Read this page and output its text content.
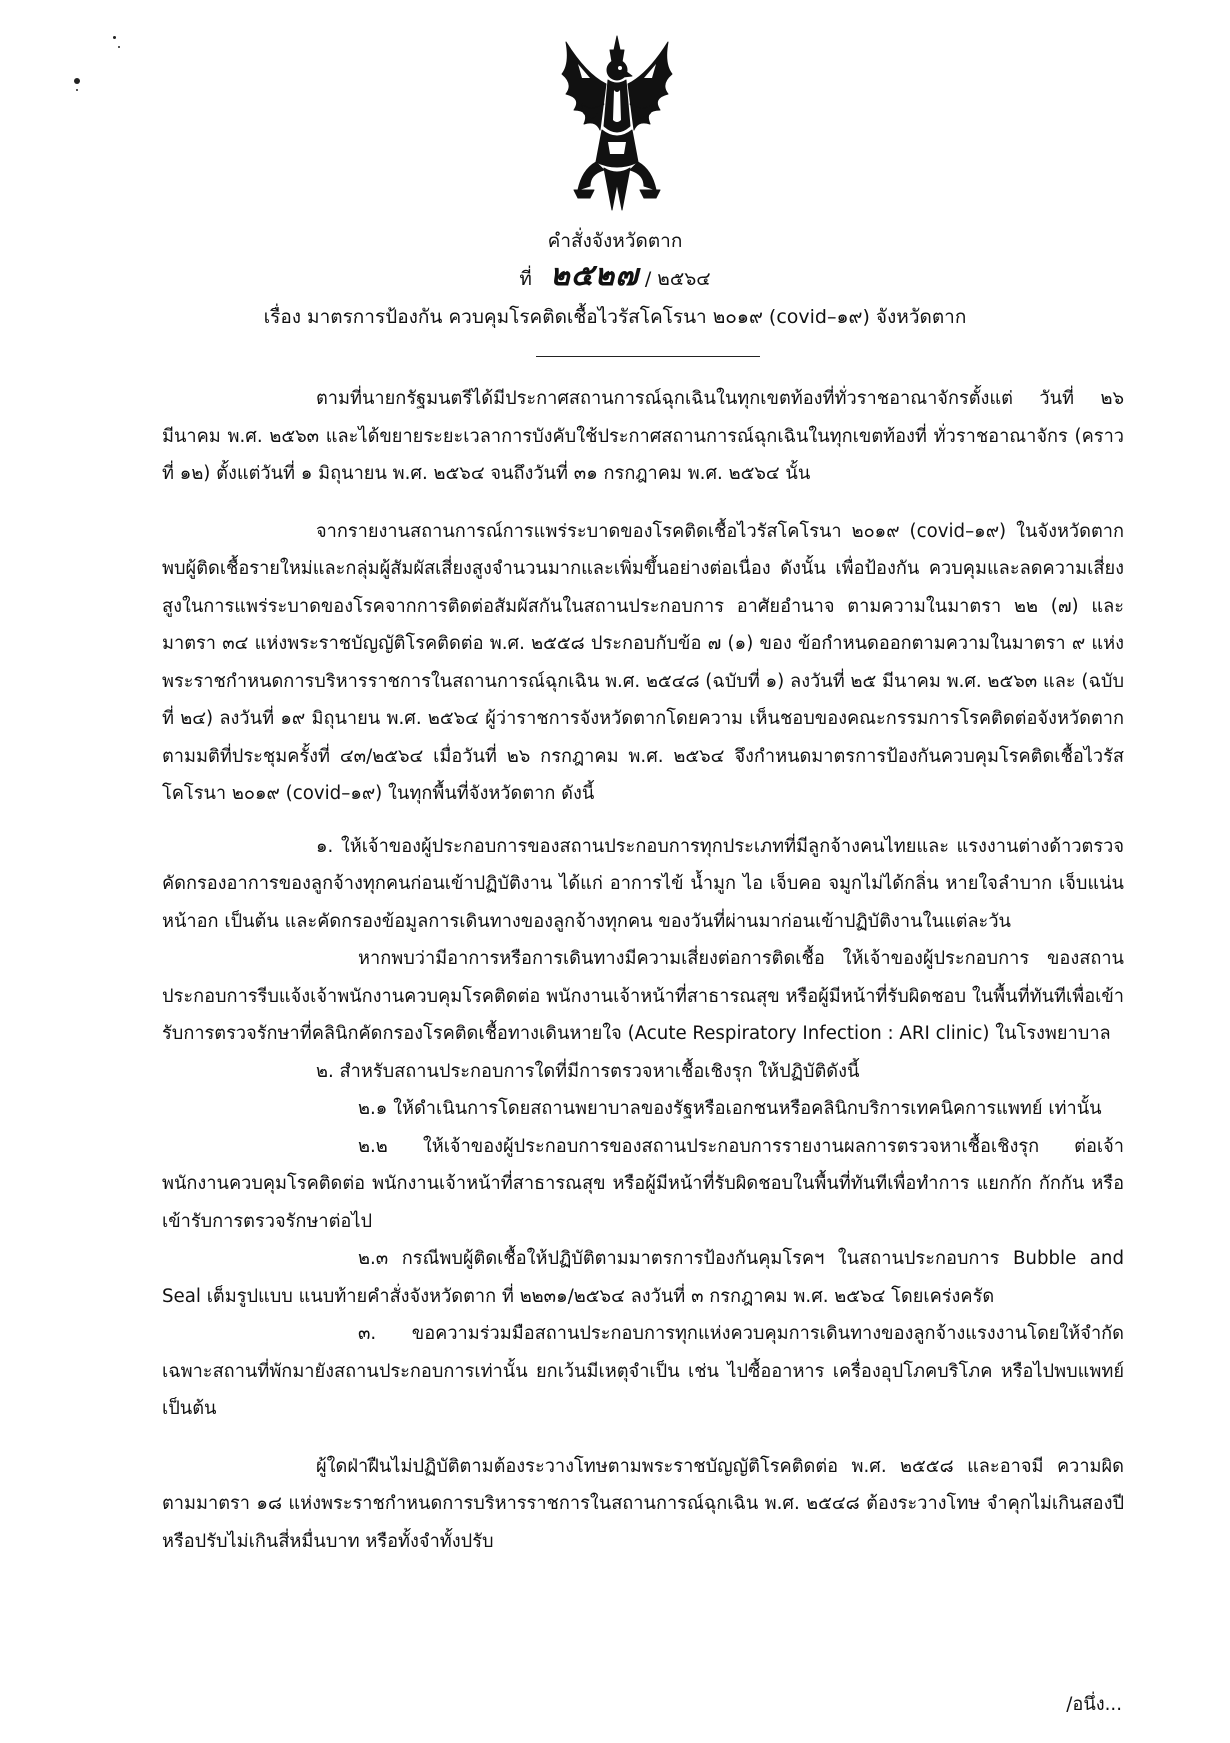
คำสั่งจังหวัดตาก
ที่ ๒๕๒๗ / ๒๕๖๔
เรื่อง มาตรการป้องกัน ควบคุมโรคติดเชื้อไวรัสโคโรนา ๒๐๑๙ (covid–๑๙) จังหวัดตาก

ตามที่นายกรัฐมนตรีได้มีประกาศสถานการณ์ฉุกเฉินในทุกเขตท้องที่ทั่วราชอาณาจักรตั้งแต่ วันที่ ๒๖ มีนาคม พ.ศ. ๒๕๖๓ และได้ขยายระยะเวลาการบังคับใช้ประกาศสถานการณ์ฉุกเฉินในทุกเขตท้องที่ ทั่วราชอาณาจักร (คราวที่ ๑๒) ตั้งแต่วันที่ ๑ มิถุนายน พ.ศ. ๒๕๖๔ จนถึงวันที่ ๓๑ กรกฎาคม พ.ศ. ๒๕๖๔ นั้น

จากรายงานสถานการณ์การแพร่ระบาดของโรคติดเชื้อไวรัสโคโรนา ๒๐๑๙ (covid–๑๙) ในจังหวัดตาก พบผู้ติดเชื้อรายใหม่และกลุ่มผู้สัมผัสเสี่ยงสูงจำนวนมากและเพิ่มขึ้นอย่างต่อเนื่อง ดังนั้น เพื่อป้องกัน ควบคุมและลดความเสี่ยงสูงในการแพร่ระบาดของโรคจากการติดต่อสัมผัสกันในสถานประกอบการ อาศัยอำนาจ ตามความในมาตรา ๒๒ (๗) และมาตรา ๓๔ แห่งพระราชบัญญัติโรคติดต่อ พ.ศ. ๒๕๕๘ ประกอบกับข้อ ๗ (๑) ของ ข้อกำหนดออกตามความในมาตรา ๙ แห่งพระราชกำหนดการบริหารราชการในสถานการณ์ฉุกเฉิน พ.ศ. ๒๕๔๘ (ฉบับที่ ๑) ลงวันที่ ๒๕ มีนาคม พ.ศ. ๒๕๖๓ และ (ฉบับที่ ๒๔) ลงวันที่ ๑๙ มิถุนายน พ.ศ. ๒๕๖๔ ผู้ว่าราชการจังหวัดตากโดยความ เห็นชอบของคณะกรรมการโรคติดต่อจังหวัดตาก ตามมติที่ประชุมครั้งที่ ๔๓/๒๕๖๔ เมื่อวันที่ ๒๖ กรกฎาคม พ.ศ. ๒๕๖๔ จึงกำหนดมาตรการป้องกันควบคุมโรคติดเชื้อไวรัสโคโรนา ๒๐๑๙ (covid–๑๙) ในทุกพื้นที่จังหวัดตาก ดังนี้

๑. ให้เจ้าของผู้ประกอบการของสถานประกอบการทุกประเภทที่มีลูกจ้างคนไทยและ แรงงานต่างด้าวตรวจคัดกรองอาการของลูกจ้างทุกคนก่อนเข้าปฏิบัติงาน ได้แก่ อาการไข้ น้ำมูก ไอ เจ็บคอ จมูกไม่ได้กลิ่น หายใจลำบาก เจ็บแน่นหน้าอก เป็นต้น และคัดกรองข้อมูลการเดินทางของลูกจ้างทุกคน ของวันที่ผ่านมาก่อนเข้าปฏิบัติงานในแต่ละวัน

หากพบว่ามีอาการหรือการเดินทางมีความเสี่ยงต่อการติดเชื้อ ให้เจ้าของผู้ประกอบการ ของสถานประกอบการรีบแจ้งเจ้าพนักงานควบคุมโรคติดต่อ พนักงานเจ้าหน้าที่สาธารณสุข หรือผู้มีหน้าที่รับผิดชอบ ในพื้นที่ทันทีเพื่อเข้ารับการตรวจรักษาที่คลินิกคัดกรองโรคติดเชื้อทางเดินหายใจ (Acute Respiratory Infection : ARI clinic) ในโรงพยาบาล

๒. สำหรับสถานประกอบการใดที่มีการตรวจหาเชื้อเชิงรุก ให้ปฏิบัติดังนี้

๒.๑ ให้ดำเนินการโดยสถานพยาบาลของรัฐหรือเอกชนหรือคลินิกบริการเทคนิคการแพทย์ เท่านั้น

๒.๒ ให้เจ้าของผู้ประกอบการของสถานประกอบการรายงานผลการตรวจหาเชื้อเชิงรุก ต่อเจ้าพนักงานควบคุมโรคติดต่อ พนักงานเจ้าหน้าที่สาธารณสุข หรือผู้มีหน้าที่รับผิดชอบในพื้นที่ทันทีเพื่อทำการ แยกกัก กักกัน หรือเข้ารับการตรวจรักษาต่อไป

๒.๓ กรณีพบผู้ติดเชื้อให้ปฏิบัติตามมาตรการป้องกันคุมโรคฯ ในสถานประกอบการ Bubble and Seal เต็มรูปแบบ แนบท้ายคำสั่งจังหวัดตาก ที่ ๒๒๓๑/๒๕๖๔ ลงวันที่ ๓ กรกฎาคม พ.ศ. ๒๕๖๔ โดยเคร่งครัด

๓. ขอความร่วมมือสถานประกอบการทุกแห่งควบคุมการเดินทางของลูกจ้างแรงงานโดยให้จำกัด เฉพาะสถานที่พักมายังสถานประกอบการเท่านั้น ยกเว้นมีเหตุจำเป็น เช่น ไปซื้ออาหาร เครื่องอุปโภคบริโภค หรือไปพบแพทย์ เป็นต้น

ผู้ใดฝ่าฝืนไม่ปฏิบัติตามต้องระวางโทษตามพระราชบัญญัติโรคติดต่อ พ.ศ. ๒๕๕๘ และอาจมี ความผิดตามมาตรา ๑๘ แห่งพระราชกำหนดการบริหารราชการในสถานการณ์ฉุกเฉิน พ.ศ. ๒๕๔๘ ต้องระวางโทษ จำคุกไม่เกินสองปี หรือปรับไม่เกินสี่หมื่นบาท หรือทั้งจำทั้งปรับ

/อนึ่ง...
